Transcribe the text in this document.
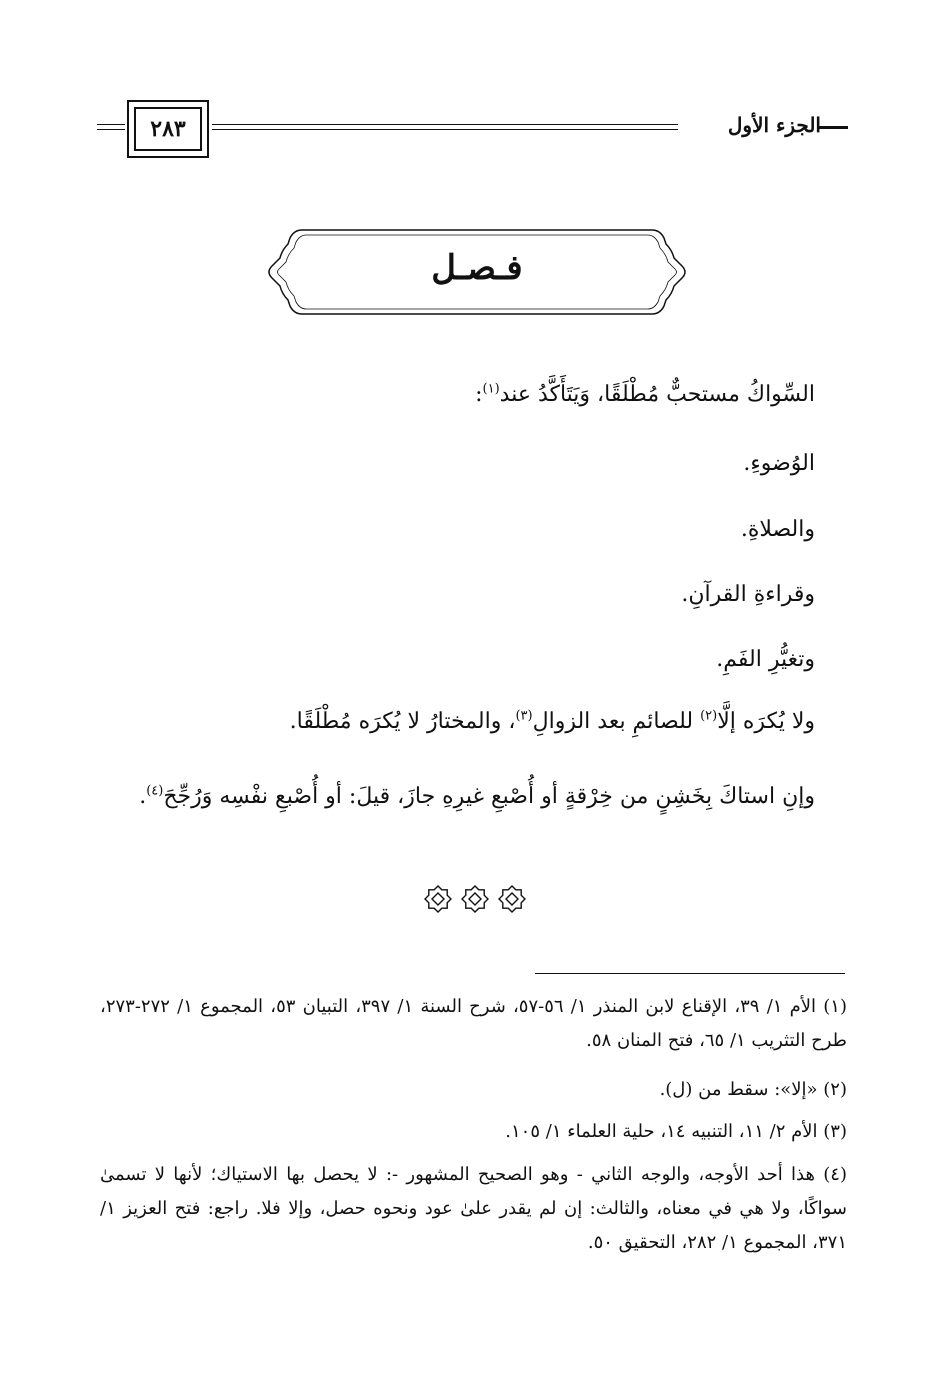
الجزء الأول
٢٨٣
فـصـل
السِّواكُ مستحبٌّ مُطْلَقًا، وَيَتَأَكَّدُ عند$^{(١)}$:
الوُضوءِ.
والصلاةِ.
وقراءةِ القرآنِ.
وتغيُّرِ الفَمِ.
ولا يُكرَه إلَّا$^{(٢)}$ للصائمِ بعد الزوالِ$^{(٣)}$، والمختارُ لا يُكرَه مُطْلَقًا.
وإنِ استاكَ بِخَشِنٍ من خِرْقةٍ أو أُصْبعِ غيرِهِ جازَ، قيلَ: أو أُصْبعِ نفْسِه وَرُجِّحَ$^{(٤)}$.
(١) الأم ١/ ٣٩، الإقناع لابن المنذر ١/ ٥٦-٥٧، شرح السنة ١/ ٣٩٧، التبيان ٥٣، المجموع ١/ ٢٧٢-٢٧٣، طرح التثريب ١/ ٦٥، فتح المنان ٥٨.
(٢) «إلا»: سقط من (ل).
(٣) الأم ٢/ ١١، التنبيه ١٤، حلية العلماء ١/ ١٠٥.
(٤) هذا أحد الأوجه، والوجه الثاني - وهو الصحيح المشهور -: لا يحصل بها الاستياك؛ لأنها لا تسمىٰ سواكًا، ولا هي في معناه، والثالث: إن لم يقدر علىٰ عود ونحوه حصل، وإلا فلا. راجع: فتح العزيز ١/ ٣٧١، المجموع ١/ ٢٨٢، التحقيق ٥٠.
